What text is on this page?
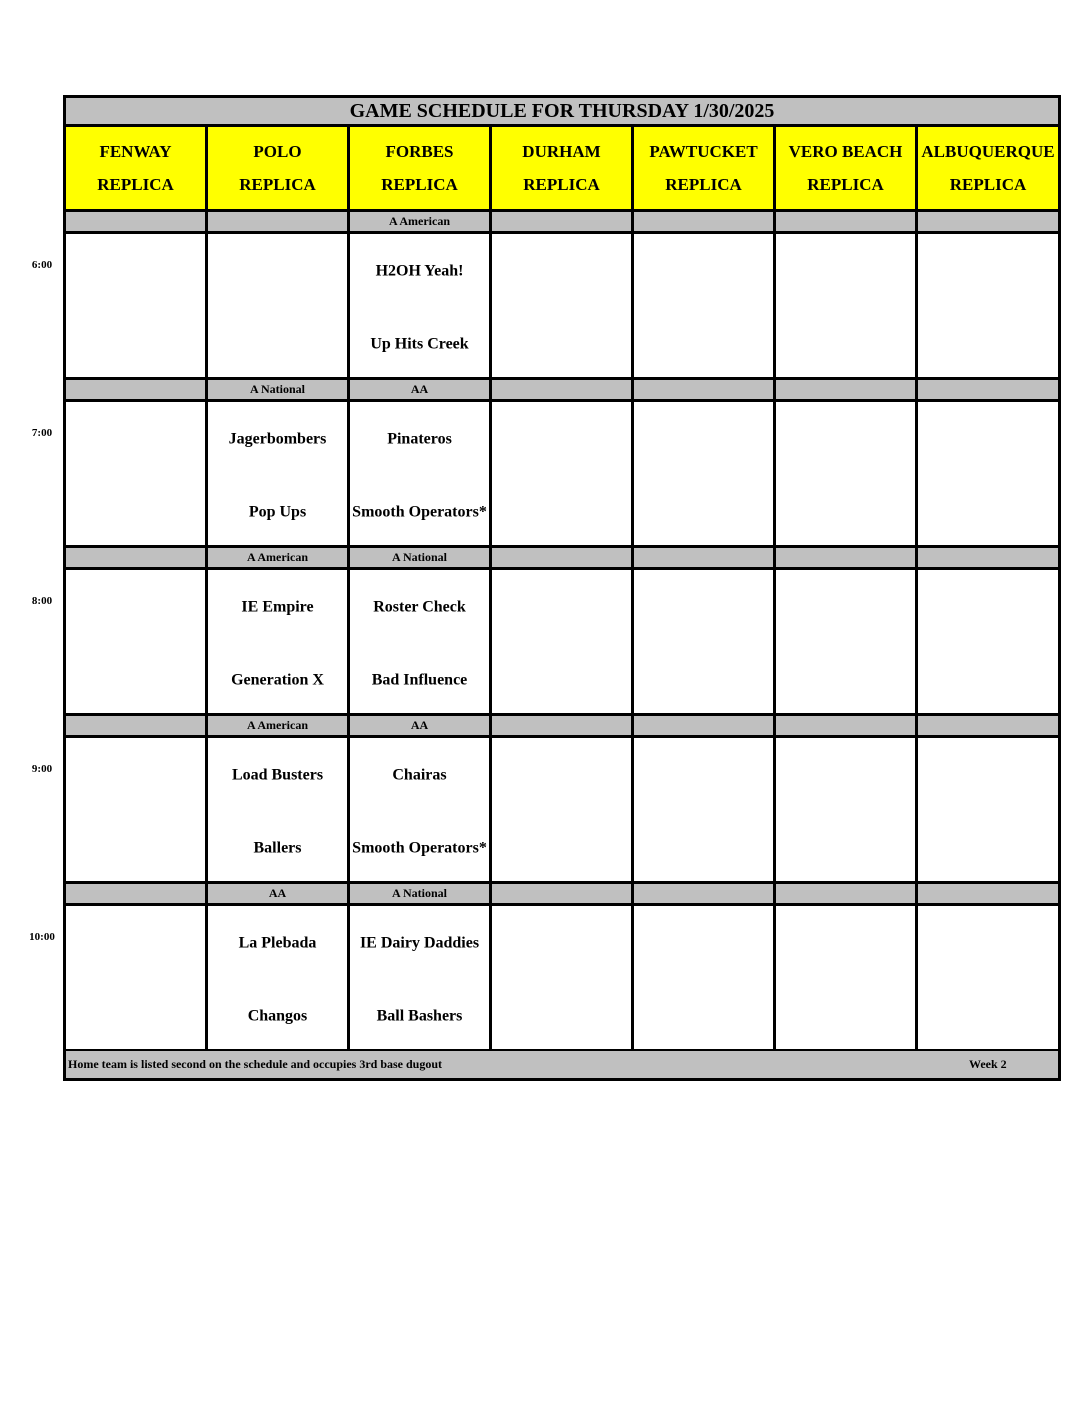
GAME SCHEDULE FOR THURSDAY 1/30/2025
FENWAY
REPLICA
POLO
REPLICA
FORBES
REPLICA
DURHAM
REPLICA
PAWTUCKET
REPLICA
VERO BEACH
REPLICA
ALBUQUERQUE
REPLICA
A American
H2OH Yeah!
Up Hits Creek
A National
Jagerbombers
Pop Ups
AA
Pinateros
Smooth Operators*
A American
IE Empire
Generation X
A National
Roster Check
Bad Influence
A American
Load Busters
Ballers
AA
Chairas
Smooth Operators*
AA
La Plebada
Changos
A National
IE Dairy Daddies
Ball Bashers
Home team is listed second on the schedule and occupies 3rd base dugout	Week 2
6:00
7:00
8:00
9:00
10:00
